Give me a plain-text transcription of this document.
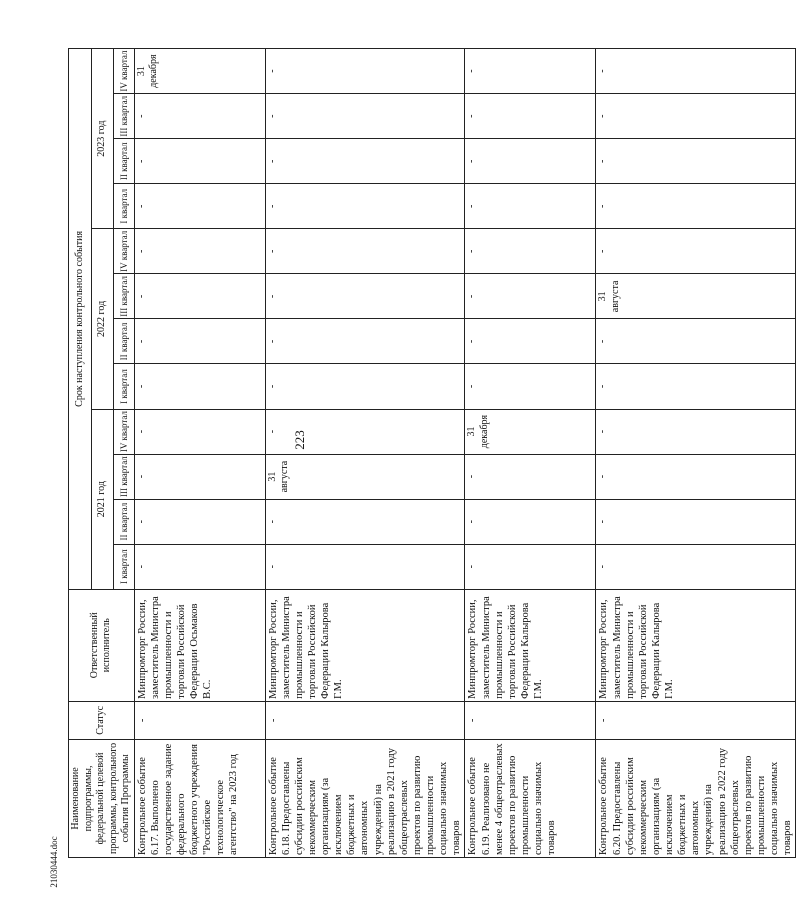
223
Наименование подпрограммы, федеральной целевой программы, контрольного события Программы	Статус	Ответственный исполнитель	Срок наступления контрольного события											
			2021 год				2022 год				2023 год			
			I квартал	II квартал	III квартал	IV квартал	I квартал	II квартал	III квартал	IV квартал	I квартал	II квартал	III квартал	IV квартал
Контрольное событие 6.17. Выполнено государственное задание федерального бюджетного учреждения "Российское технологическое агентство" на 2023 год	-	Минпромторг России, заместитель Министра промышленности и торговли Российской Федерации Осьмаков В.С.	-	-	-	-	-	-	-	-	-	-	-	31 декабря
Контрольное событие 6.18. Предоставлены субсидии российским некоммерческим организациям (за исключением бюджетных и автономных учреждений) на реализацию в 2021 году общеотраслевых проектов по развитию промышленности социально значимых товаров	-	Минпромторг России, заместитель Министра промышленности и торговли Российской Федерации Калырова Г.М.	-	-	31 августа	-	-	-	-	-	-	-	-	-
Контрольное событие 6.19. Реализовано не менее 4 общеотраслевых проектов по развитию промышленности социально значимых товаров	-	Минпромторг России, заместитель Министра промышленности и торговли Российской Федерации Калырова Г.М.	-	-	-	31 декабря	-	-	-	-	-	-	-	-
Контрольное событие 6.20. Предоставлены субсидии российским некоммерческим организациям (за исключением бюджетных и автономных учреждений) на реализацию в 2022 году общеотраслевых проектов по развитию промышленности социально значимых товаров	-	Минпромторг России, заместитель Министра промышленности и торговли Российской Федерации Калырова Г.М.	-	-	-	-	-	-	31 августа	-	-	-	-	-
21030444.doc
